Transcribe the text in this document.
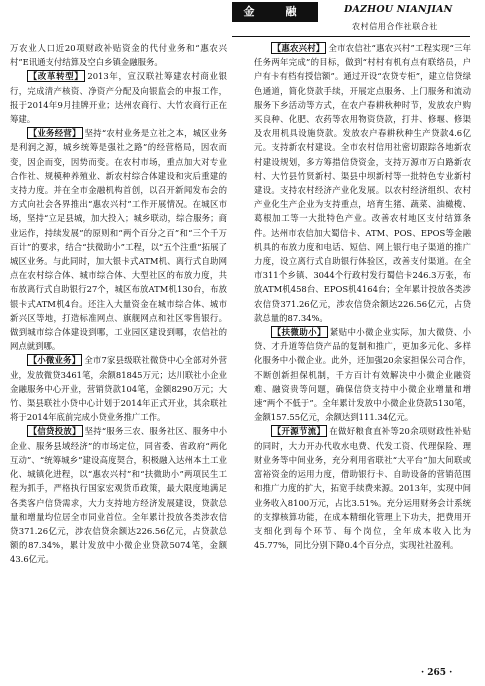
金　融	DAZHOU NIANJIAN
农村信用合作社联合社

万农业人口近20项财政补贴资金的代付业务和“惠农兴村”E讯通支付结算及空白乡镇金融服务。

【改革转型】 2013年，宣汉联社筹建农村商业银行，完成清产核资、净资产分配及向银监会的申报工作，报于2014年9月挂牌开业；达州农商行、大竹农商行正在筹建。

【业务经营】 坚持“农村业务是立社之本，城区业务是利润之源，城乡统筹是强社之路”的经营格局，因农而变，因企而变，因势而变。在农村市场，重点加大对专业合作社、规模种养殖业、新农村综合体建设和灾后重建的支持力度。并在全市金融机构首创，以召开新闻发布会的方式向社会各界推出“惠农兴村”工作开展情况。在城区市场，坚持“立足县城，加大投入；城乡联动，综合服务；商业运作，持续发展”的原则和“两个百分之百”和“三个千万百计”的要求，结合“扶微助小”工程，以“五个注重”拓展了城区业务。与此同时，加大银卡式ATM机、离行式自助网点在农村综合体、城市综合体、大型社区的布放力度，共布放离行式自助银行27个，城区布放ATM机130台，布放银卡式ATM机4台。还注入大量资金在城市综合体、城市新兴区等地，打造标准网点、旗舰网点和社区零售银行。做到城市综合体建设到哪，工业园区建设到哪，农信社的网点就到哪。

【小微业务】 全市7家县级联社微贷中心全部对外营业，发放微贷3461笔，余额81845万元；达川联社小企业金融服务中心开业，营销贷款104笔，金额8290万元；大竹、渠县联社小贷中心计划于2014年正式开业，其余联社将于2014年底前完成小贷业务推广工作。

【信贷投放】 坚持“服务三农、服务社区、服务中小企业、服务县域经济”的市场定位，同省委、省政府“两化互动”、“统筹城乡”建设高度契合，积极融入达州本土工业化、城镇化进程，以“惠农兴村”和“扶微助小”两项民生工程为抓手，严格执行国家宏观货币政策，最大限度地满足各类客户信贷需求，大力支持地方经济发展建设，贷款总量和增量均位居全市同业首位。全年累计投放各类涉农信贷371.26亿元，涉农信贷余额达226.56亿元，占贷款总额的87.34%，累计发放中小微企业贷款5074笔，金额43.6亿元。

【惠农兴村】 全市农信社“惠农兴村”工程实现“三年任务两年完成”的目标，做到“村村有机有点有联络员，户户有卡有档有授信额”。通过开设“农贷专柜”，建立信贷绿色通道，简化贷款手续，开展定点服务、上门服务和流动服务下乡活动等方式，在农户春耕秋种时节，发放农户购买良种、化肥、农药等农用物资贷款，打井、修堰、修渠及农用机具设施贷款。发放农户春耕秋种生产贷款4.6亿元。支持新农村建设。全市农村信用社密切跟踪各地新农村建设规划，多方筹措信贷资金，支持万源市万白路新农村、大竹县竹贤新村、渠县中坝新村等一批特色专业新村建设。支持农村经济产业化发展。以农村经济组织、农村产业化生产企业为支持重点，培育生猪、蔬菜、油橄榄、葛根加工等一大批特色产业。改善农村地区支付结算条件。达州市农信加大蜀信卡、ATM、POS、EPOS等金融机具的布放力度和电话、短信、网上银行电子渠道的推广力度，设立离行式自助银行体验区，改善支付渠道。在全市311个乡镇、3044个行政村发行蜀信卡246.3万张，布放ATM机458台、EPOS机4164台；全年累计投放各类涉农信贷371.26亿元，涉农信贷余额达226.56亿元，占贷款总量的87.34%。

【扶微助小】 紧贴中小微企业实际，加大微贷、小贷、才升道等信贷产品的复制和推广，更加多元化、多样化服务中小微企业。此外，还加强20余家担保公司合作，不断创新担保机制，千方百计有效解决中小微企业融资难、融资贵等问题，确保信贷支持中小微企业增量和增速“两个不低于”。全年累计发放中小微企业贷款5130笔，金额157.55亿元，余额达到111.34亿元。

【开源节流】 在做好粮食直补等20余项财政性补贴的同时，大力开办代收水电费、代发工资、代理保险、理财业务等中间业务，充分利用省联社“大平台”加大间联或富裕资金的运用力度，借助银行卡、自助设备的营销范围和推广力度的扩大，拓宽手续费来源。2013年，实现中间业务收入8100万元，占比3.51%。充分运用财务会计系统的支撑核算功能，在成本精细化管理上下功夫，把费用开支细化到每个环节、每个岗位，全年成本收入比为45.77%，同比分别下降0.4个百分点，实现社社盈利。

· 265 ·
